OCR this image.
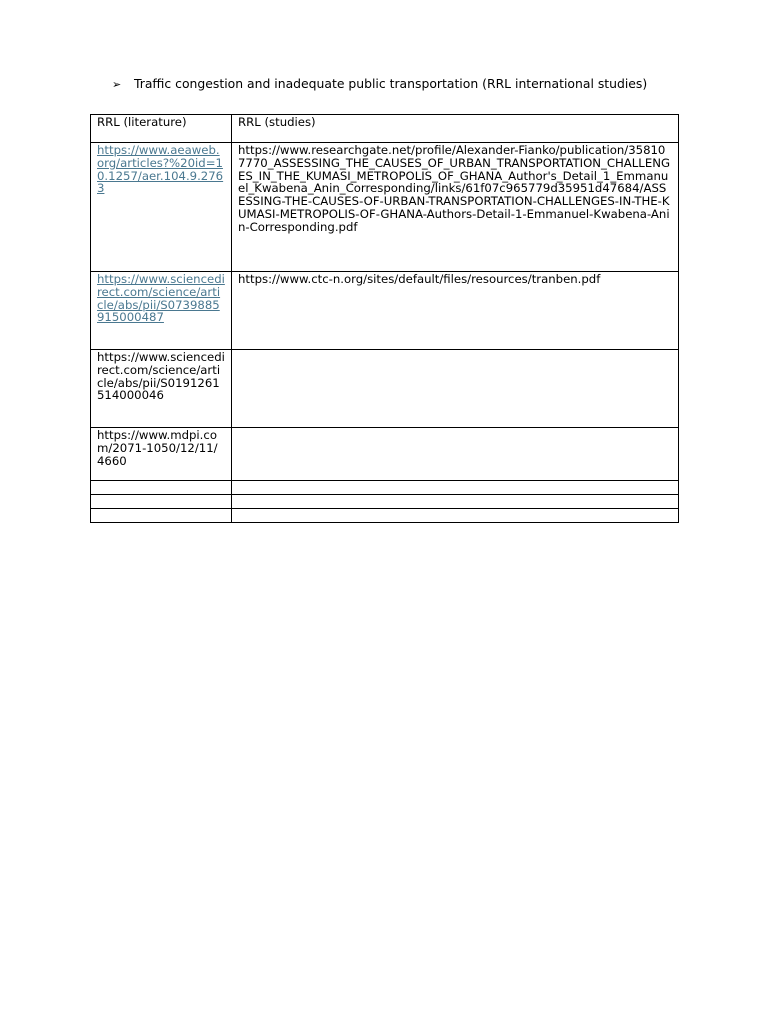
➢ Traffic congestion and inadequate public transportation (RRL international studies)
RRL (literature)	RRL (studies)
https://www.aeaweb.org/articles?%20id=10.1257/aer.104.9.2763	https://www.researchgate.net/profile/Alexander-Fianko/publication/358107770_ASSESSING_THE_CAUSES_OF_URBAN_TRANSPORTATION_CHALLENGES_IN_THE_KUMASI_METROPOLIS_OF_GHANA_Author's_Detail_1_Emmanuel_Kwabena_Anin_Corresponding/links/61f07c965779d35951d47684/ASSESSING-THE-CAUSES-OF-URBAN-TRANSPORTATION-CHALLENGES-IN-THE-KUMASI-METROPOLIS-OF-GHANA-Authors-Detail-1-Emmanuel-Kwabena-Anin-Corresponding.pdf
https://www.sciencedirect.com/science/article/abs/pii/S0739885915000487	https://www.ctc-n.org/sites/default/files/resources/tranben.pdf
https://www.sciencedirect.com/science/article/abs/pii/S0191261514000046	
https://www.mdpi.com/2071-1050/12/11/4660	
